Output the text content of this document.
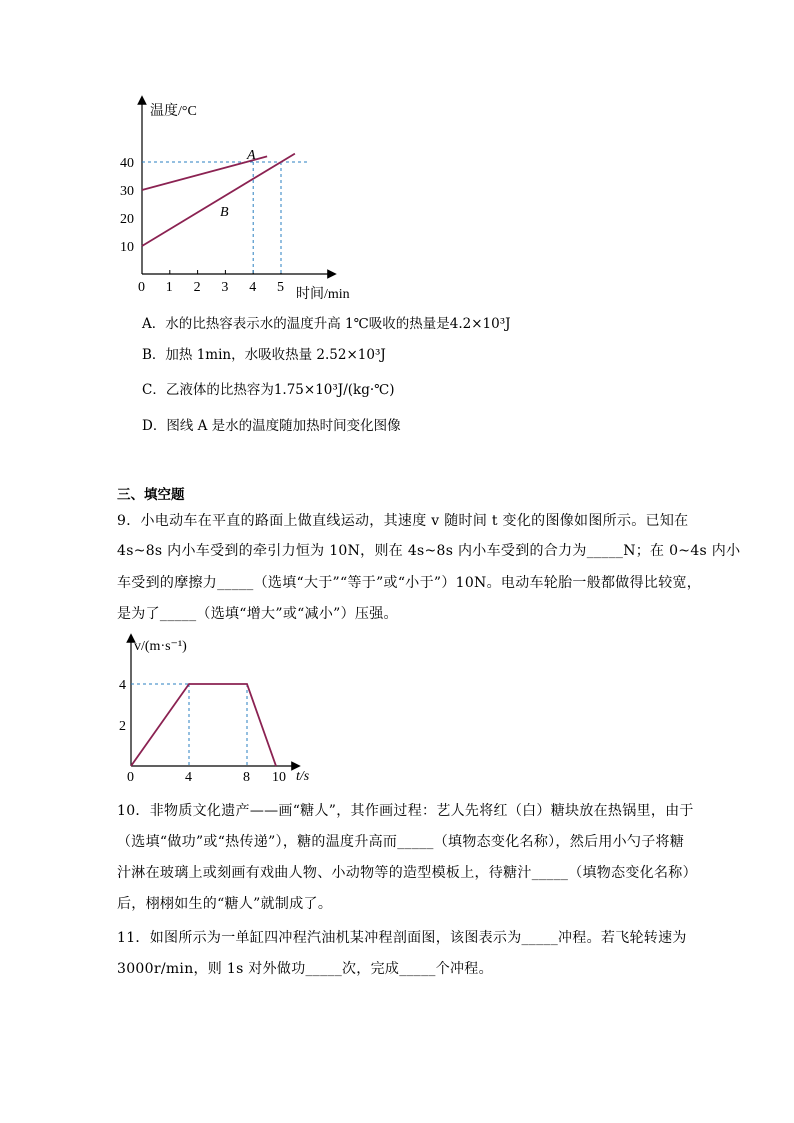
温度/°C
时间/min
0 1 2 3 4 5
10
20
30
40
A
B
A．水的比热容表示水的温度升高 1℃吸收的热量是4.2×10³J
B．加热 1min，水吸收热量 2.52×10³J
C．乙液体的比热容为1.75×10³J/(kg·℃)
D．图线 A 是水的温度随加热时间变化图像
三、填空题
9．小电动车在平直的路面上做直线运动，其速度 v 随时间 t 变化的图像如图所示。已知在
4s~8s 内小车受到的牵引力恒为 10N，则在 4s~8s 内小车受到的合力为_____N；在 0~4s 内小
车受到的摩擦力_____（选填“大于”“等于”或“小于”）10N。电动车轮胎一般都做得比较宽，
是为了_____（选填“增大”或“减小”）压强。
v/(m·s⁻¹)
t/s
0	4	8 10
2
4
10．非物质文化遗产——画“糖人”，其作画过程：艺人先将红（白）糖块放在热锅里，由于
（选填“做功”或“热传递”），糖的温度升高而_____（填物态变化名称），然后用小勺子将糖
汁淋在玻璃上或刻画有戏曲人物、小动物等的造型模板上，待糖汁_____（填物态变化名称）
后，栩栩如生的“糖人”就制成了。
11．如图所示为一单缸四冲程汽油机某冲程剖面图，该图表示为_____冲程。若飞轮转速为
3000r/min，则 1s 对外做功_____次，完成_____个冲程。
